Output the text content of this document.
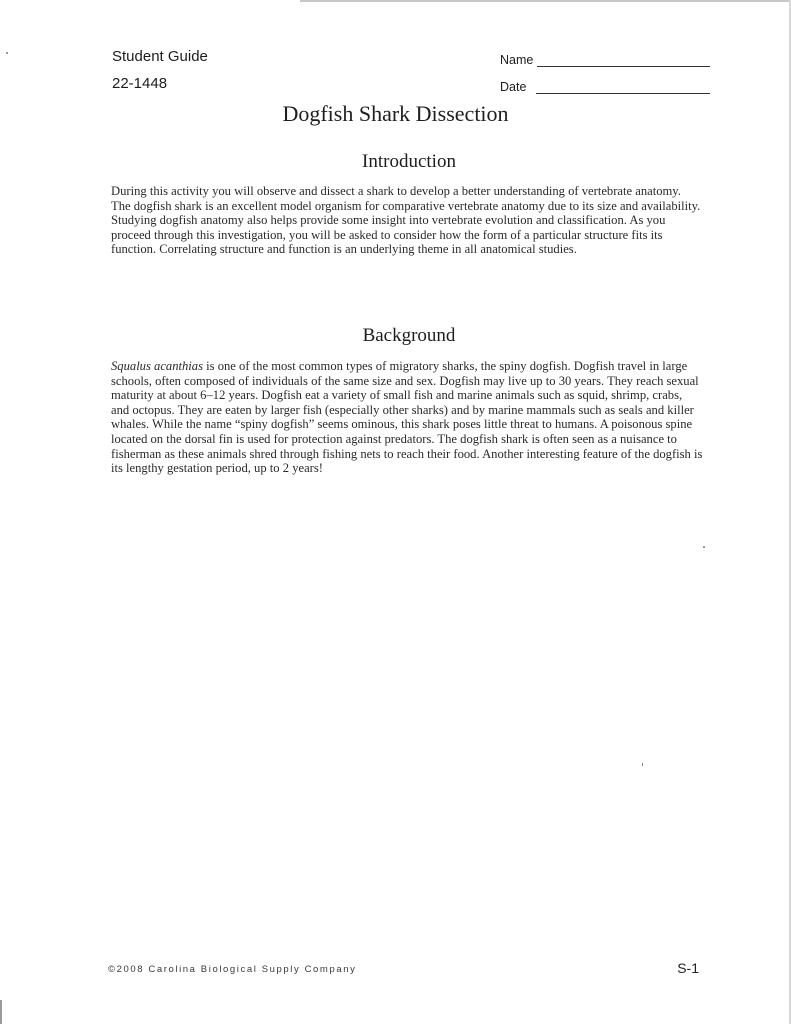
Student Guide
22-1448
Name
Date
Dogfish Shark Dissection
Introduction

During this activity you will observe and dissect a shark to develop a better understanding of vertebrate anatomy. The dogfish shark is an excellent model organism for comparative vertebrate anatomy due to its size and availability. Studying dogfish anatomy also helps provide some insight into vertebrate evolution and classification. As you proceed through this investigation, you will be asked to consider how the form of a particular structure fits its function. Correlating structure and function is an underlying theme in all anatomical studies.

Background

Squalus acanthias is one of the most common types of migratory sharks, the spiny dogfish. Dogfish travel in large schools, often composed of individuals of the same size and sex. Dogfish may live up to 30 years. They reach sexual maturity at about 6–12 years. Dogfish eat a variety of small fish and marine animals such as squid, shrimp, crabs, and octopus. They are eaten by larger fish (especially other sharks) and by marine mammals such as seals and killer whales. While the name “spiny dogfish” seems ominous, this shark poses little threat to humans. A poisonous spine located on the dorsal fin is used for protection against predators. The dogfish shark is often seen as a nuisance to fisherman as these animals shred through fishing nets to reach their food. Another interesting feature of the dogfish is its lengthy gestation period, up to 2 years!

©2008 Carolina Biological Supply Company	S-1
